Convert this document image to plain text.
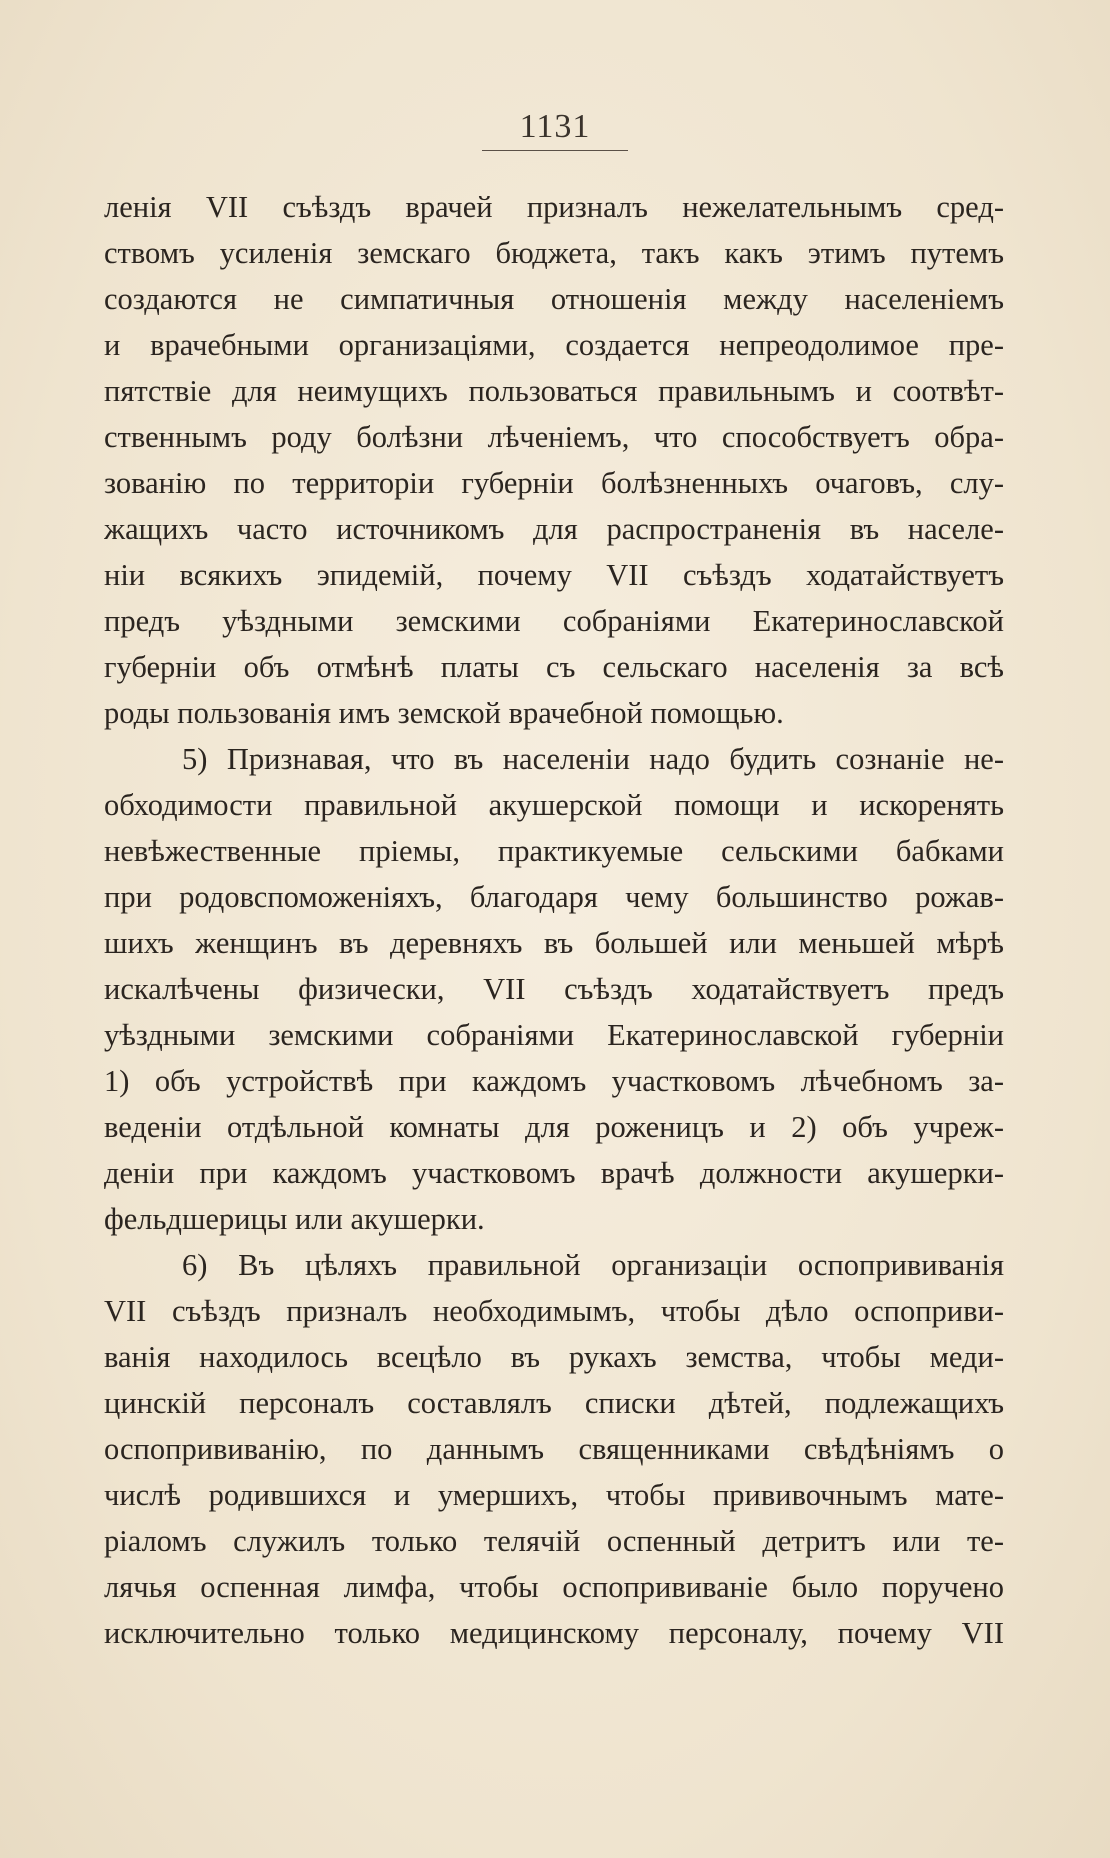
1131
ленія VII съѣздъ врачей призналъ нежелательнымъ сред-
ствомъ усиленія земскаго бюджета, такъ какъ этимъ путемъ
создаются не симпатичныя отношенія между населеніемъ
и врачебными организаціями, создается непреодолимое пре-
пятствіе для неимущихъ пользоваться правильнымъ и соотвѣт-
ственнымъ роду болѣзни лѣченіемъ, что способствуетъ обра-
зованію по территоріи губерніи болѣзненныхъ очаговъ, слу-
жащихъ часто источникомъ для распространенія въ населе-
ніи всякихъ эпидемій, почему VII съѣздъ ходатайствуетъ
предъ уѣздными земскими собраніями Екатеринославской
губерніи объ отмѣнѣ платы съ сельскаго населенія за всѣ
роды пользованія имъ земской врачебной помощью.
5) Признавая, что въ населеніи надо будить сознаніе не-
обходимости правильной акушерской помощи и искоренять
невѣжественные пріемы, практикуемые сельскими бабками
при родовспоможеніяхъ, благодаря чему большинство рожав-
шихъ женщинъ въ деревняхъ въ большей или меньшей мѣрѣ
искалѣчены физически, VII съѣздъ ходатайствуетъ предъ
уѣздными земскими собраніями Екатеринославской губерніи
1) объ устройствѣ при каждомъ участковомъ лѣчебномъ за-
веденіи отдѣльной комнаты для роженицъ и 2) объ учреж-
деніи при каждомъ участковомъ врачѣ должности акушерки-
фельдшерицы или акушерки.
6) Въ цѣляхъ правильной организаціи оспопрививанія
VII съѣздъ призналъ необходимымъ, чтобы дѣло оспоприви-
ванія находилось всецѣло въ рукахъ земства, чтобы меди-
цинскій персоналъ составлялъ списки дѣтей, подлежащихъ
оспопрививанію, по даннымъ священниками свѣдѣніямъ о
числѣ родившихся и умершихъ, чтобы прививочнымъ мате-
ріаломъ служилъ только телячій оспенный детритъ или те-
лячья оспенная лимфа, чтобы оспопрививаніе было поручено
исключительно только медицинскому персоналу, почему VII
